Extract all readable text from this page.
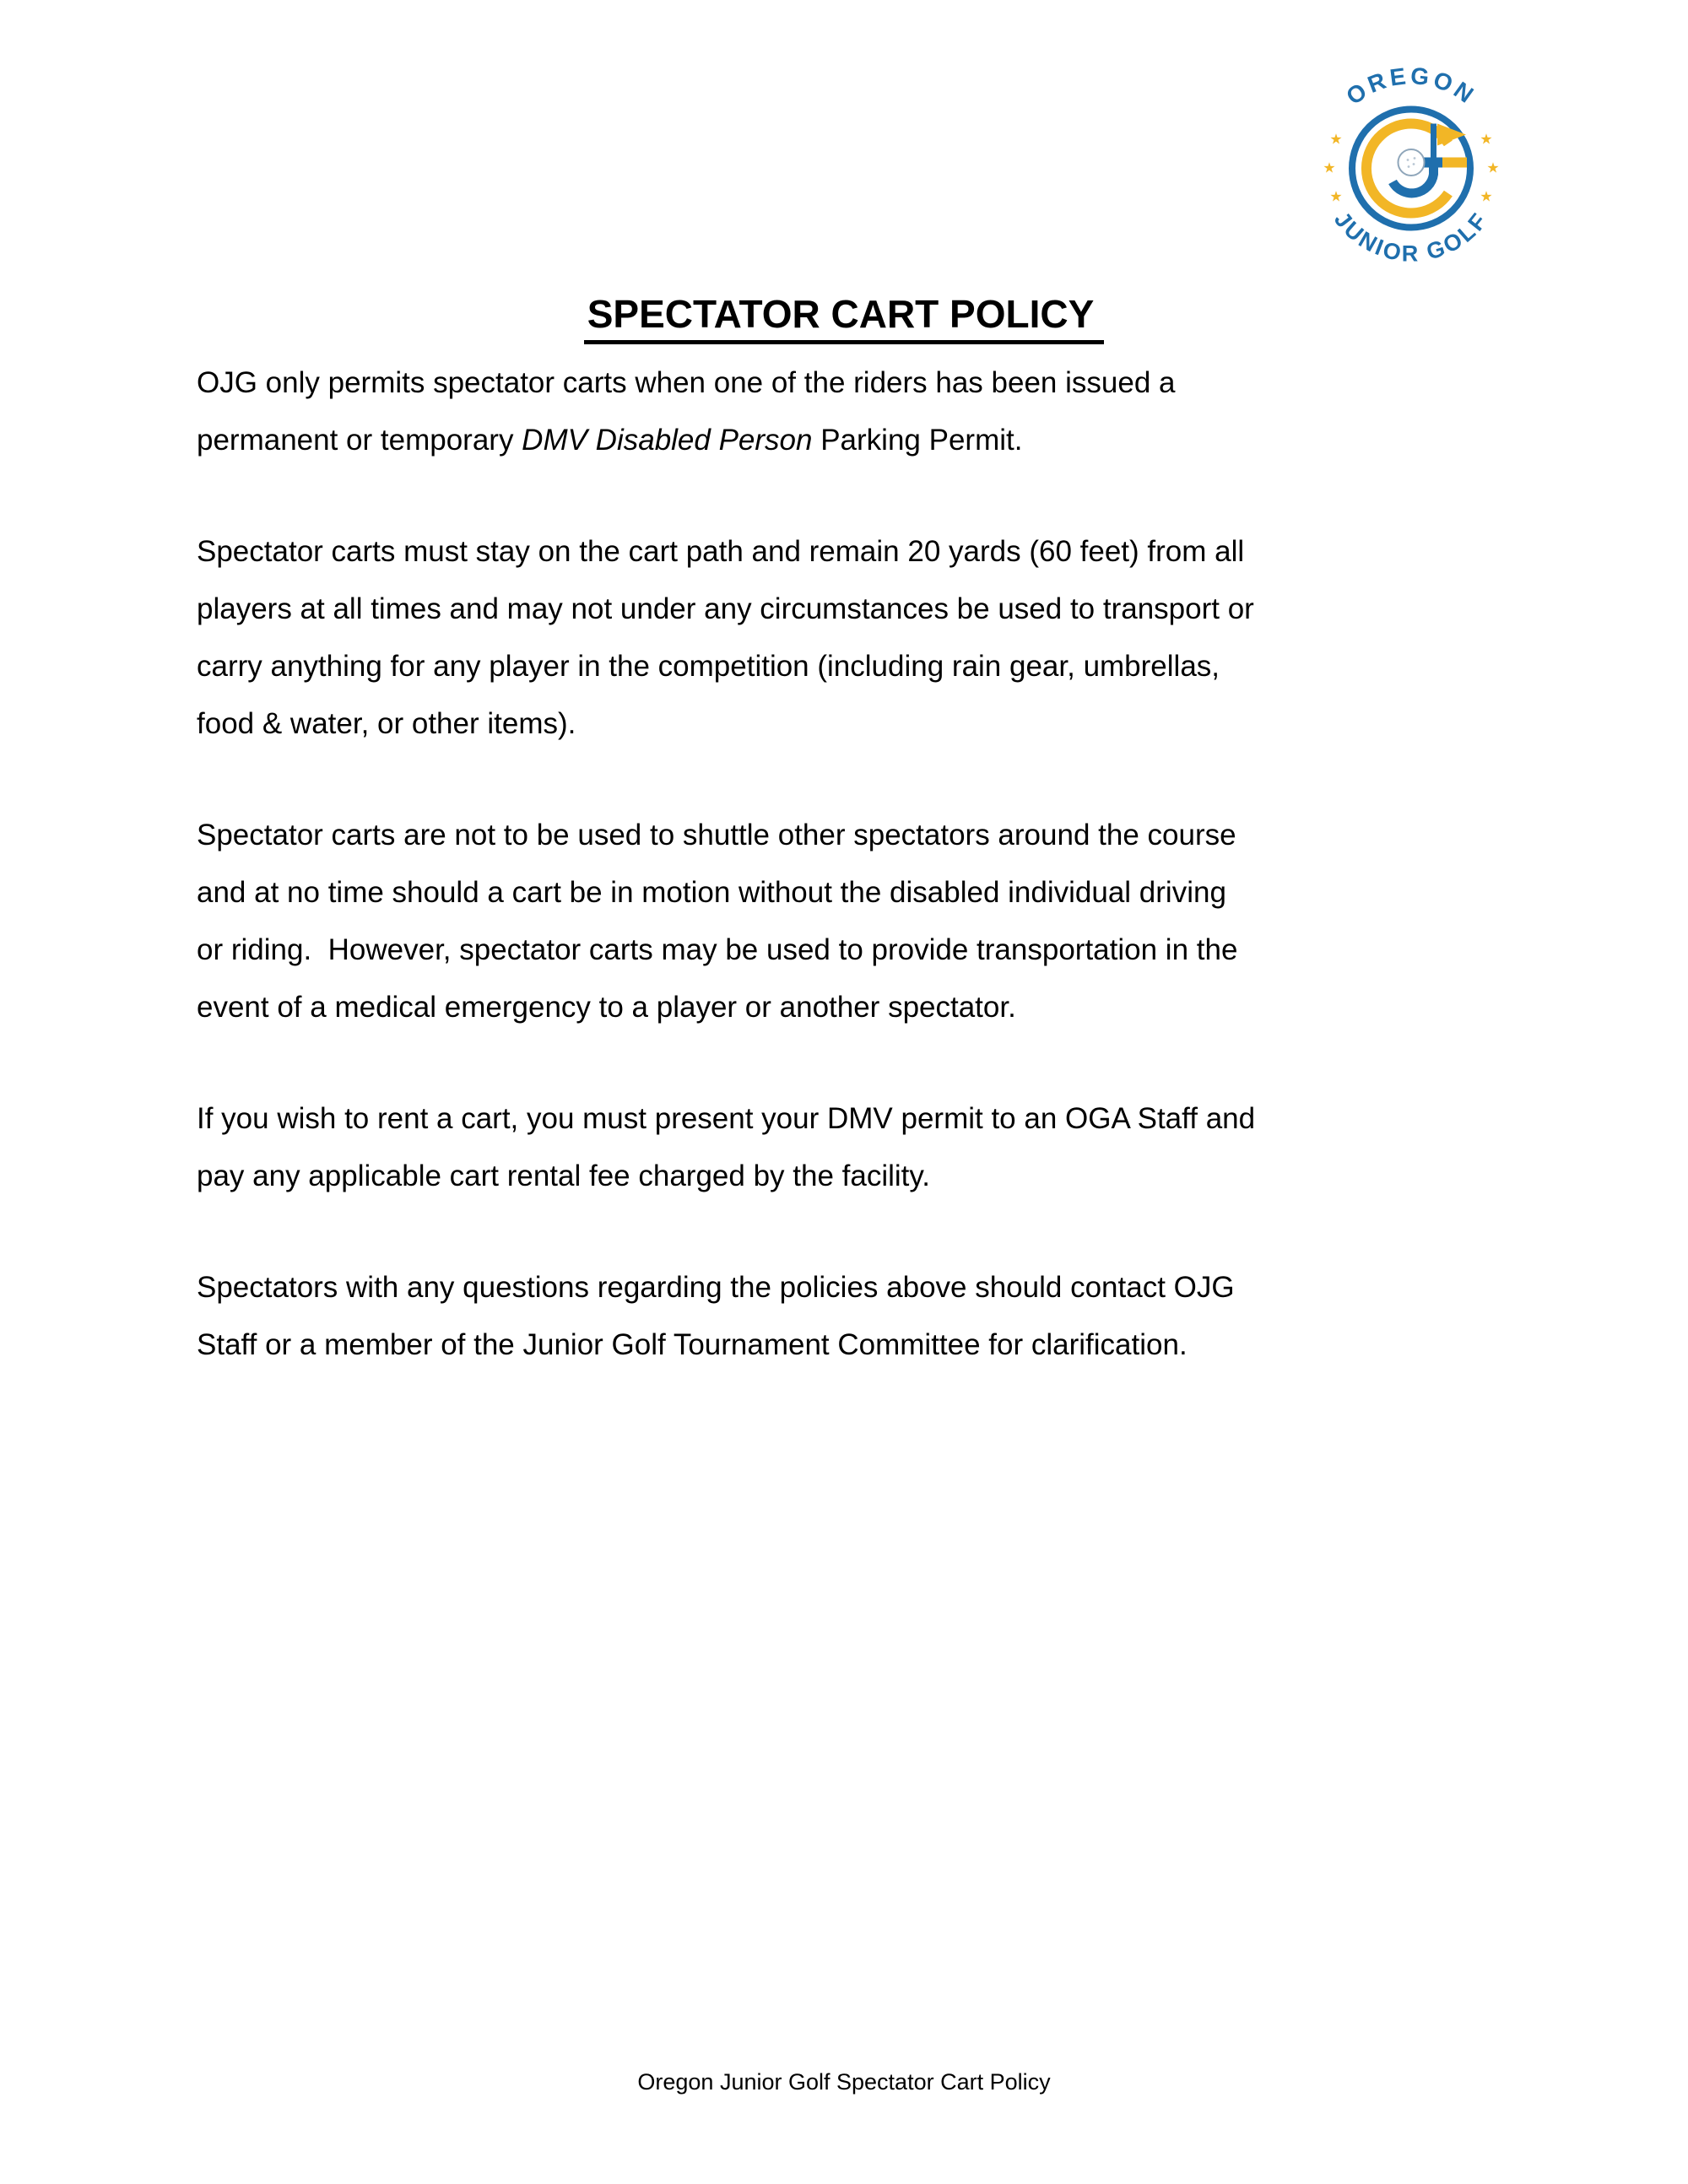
★
★
★
★
★
★
OREGON
JUNIOR GOLF
SPECTATOR CART POLICY

OJG only permits spectator carts when one of the riders has been issued a
permanent or temporary DMV Disabled Person Parking Permit.

Spectator carts must stay on the cart path and remain 20 yards (60 feet) from all
players at all times and may not under any circumstances be used to transport or
carry anything for any player in the competition (including rain gear, umbrellas,
food & water, or other items).

Spectator carts are not to be used to shuttle other spectators around the course
and at no time should a cart be in motion without the disabled individual driving
or riding.  However, spectator carts may be used to provide transportation in the
event of a medical emergency to a player or another spectator.

If you wish to rent a cart, you must present your DMV permit to an OGA Staff and
pay any applicable cart rental fee charged by the facility.

Spectators with any questions regarding the policies above should contact OJG
Staff or a member of the Junior Golf Tournament Committee for clarification.

Oregon Junior Golf Spectator Cart Policy
